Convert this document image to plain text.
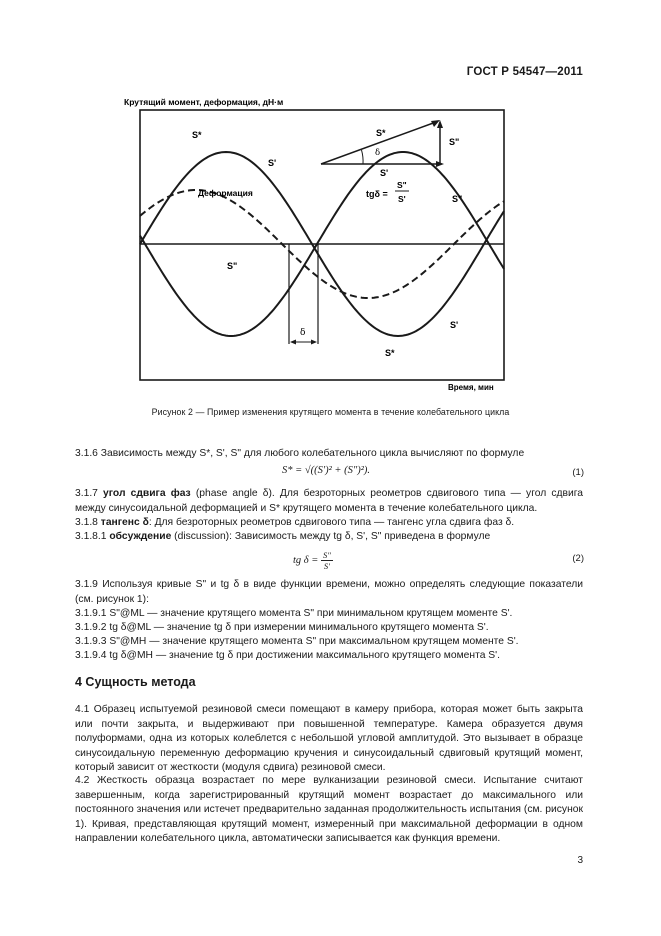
ГОСТ Р 54547—2011
Крутящий момент, деформация, дН·м
δ
δ
S*
S"
S'
tgδ =
S"
S'
S*
S'
Деформация
S"
S"
S'
S*
Время, мин
Рисунок 2 — Пример изменения крутящего момента в течение колебательного цикла
3.1.6 Зависимость между S*, S', S" для любого колебательного цикла вычисляют по формуле
S* = √((S')² + (S")²).	(1)
3.1.7 угол сдвига фаз (phase angle δ). Для безроторных реометров сдвигового типа — угол сдвига между синусоидальной деформацией и S* крутящего момента в течение колебательного цикла.
3.1.8 тангенс δ: Для безроторных реометров сдвигового типа — тангенс угла сдвига фаз δ.
3.1.8.1 обсуждение (discussion): Зависимость между tg δ, S', S" приведена в формуле
tg $\delta = \frac{S"}{S'}$	(2)
3.1.9 Используя кривые S" и tg δ в виде функции времени, можно определять следующие показатели (см. рисунок 1):
3.1.9.1 S"@ML — значение крутящего момента S" при минимальном крутящем моменте S'.
3.1.9.2 tg δ@ML — значение tg δ при измерении минимального крутящего момента S'.
3.1.9.3 S"@MH — значение крутящего момента S" при максимальном крутящем моменте S'.
3.1.9.4 tg δ@MH — значение tg δ при достижении максимального крутящего момента S'.
4 Сущность метода
4.1 Образец испытуемой резиновой смеси помещают в камеру прибора, которая может быть закрыта или почти закрыта, и выдерживают при повышенной температуре. Камера образуется двумя полуформами, одна из которых колеблется с небольшой угловой амплитудой. Это вызывает в образце синусоидальную переменную деформацию кручения и синусоидальный сдвиговый крутящий момент, который зависит от жесткости (модуля сдвига) резиновой смеси.
4.2 Жесткость образца возрастает по мере вулканизации резиновой смеси. Испытание считают завершенным, когда зарегистрированный крутящий момент возрастает до максимального или постоянного значения или истечет предварительно заданная продолжительность испытания (см. рисунок 1). Кривая, представляющая крутящий момент, измеренный при максимальной деформации в одном направлении колебательного цикла, автоматически записывается как функция времени.
3
